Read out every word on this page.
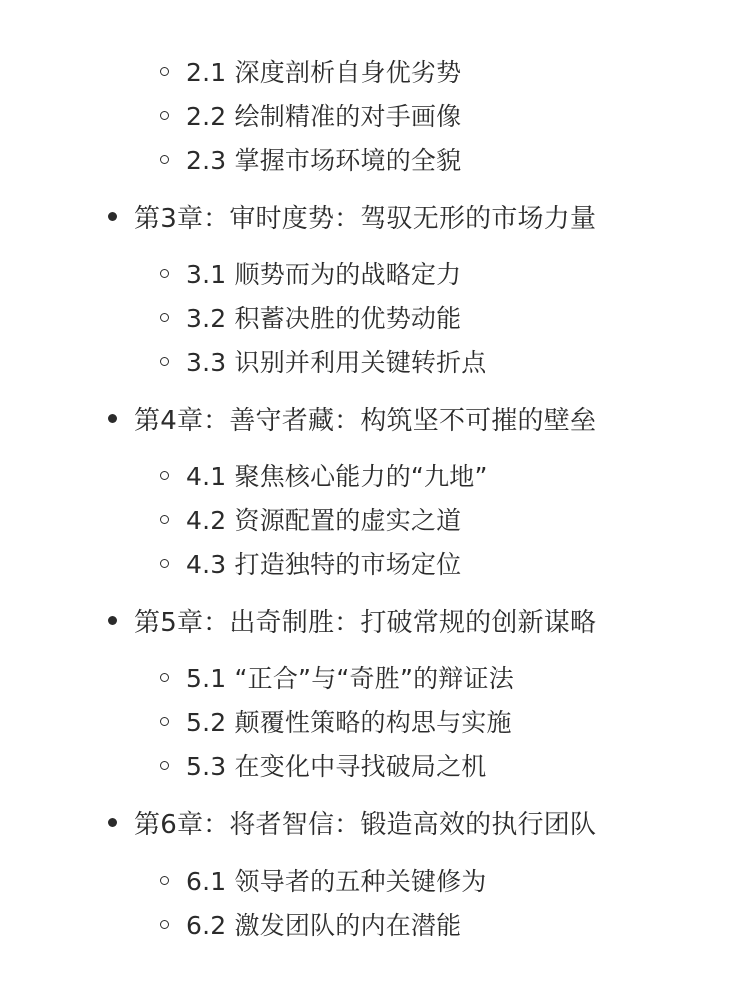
2.1 深度剖析自身优劣势
2.2 绘制精准的对手画像
2.3 掌握市场环境的全貌
第3章：审时度势：驾驭无形的市场力量
3.1 顺势而为的战略定力
3.2 积蓄决胜的优势动能
3.3 识别并利用关键转折点
第4章：善守者藏：构筑坚不可摧的壁垒
4.1 聚焦核心能力的“九地”
4.2 资源配置的虚实之道
4.3 打造独特的市场定位
第5章：出奇制胜：打破常规的创新谋略
5.1 “正合”与“奇胜”的辩证法
5.2 颠覆性策略的构思与实施
5.3 在变化中寻找破局之机
第6章：将者智信：锻造高效的执行团队
6.1 领导者的五种关键修为
6.2 激发团队的内在潜能
